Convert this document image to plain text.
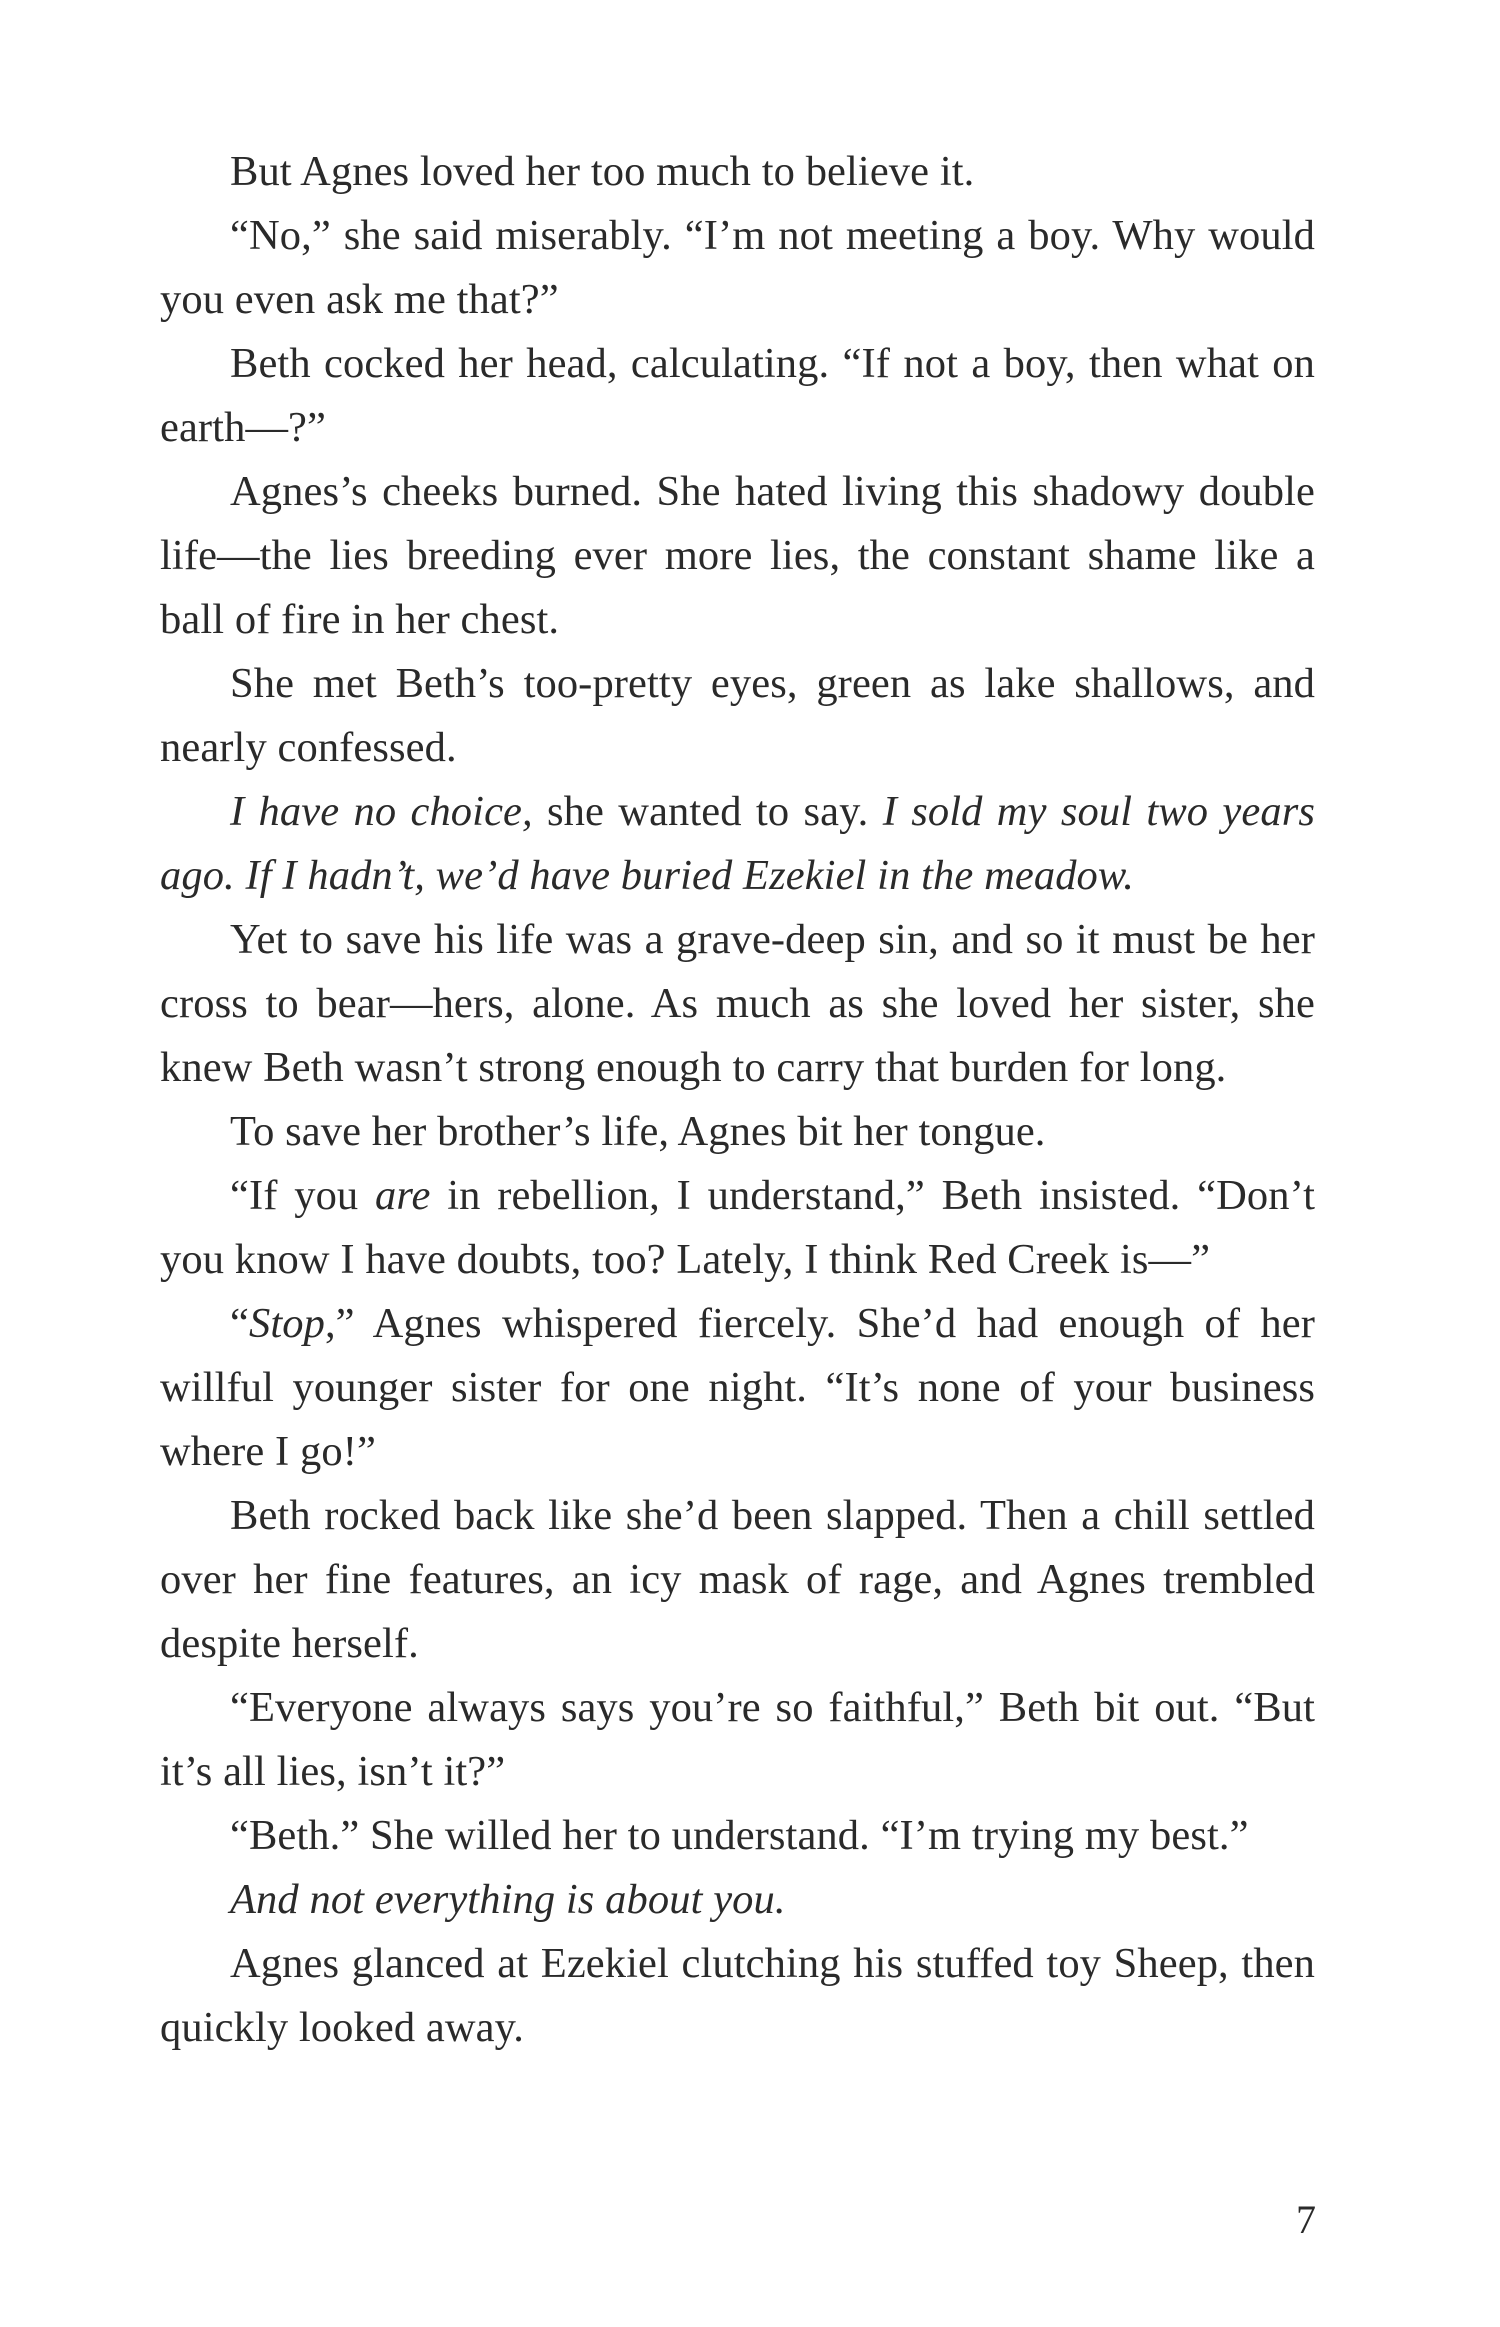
But Agnes loved her too much to believe it.

“No,” she said miserably. “I’m not meeting a boy. Why would you even ask me that?”

Beth cocked her head, calculating. “If not a boy, then what on earth—?”

Agnes’s cheeks burned. She hated living this shadowy double life—the lies breeding ever more lies, the constant shame like a ball of fire in her chest.

She met Beth’s too-pretty eyes, green as lake shallows, and nearly confessed.

I have no choice, she wanted to say. I sold my soul two years ago. If I hadn’t, we’d have buried Ezekiel in the meadow.

Yet to save his life was a grave-deep sin, and so it must be her cross to bear—hers, alone. As much as she loved her sister, she knew Beth wasn’t strong enough to carry that burden for long.

To save her brother’s life, Agnes bit her tongue.

“If you are in rebellion, I understand,” Beth insisted. “Don’t you know I have doubts, too? Lately, I think Red Creek is—”

“Stop,” Agnes whispered fiercely. She’d had enough of her willful younger sister for one night. “It’s none of your business where I go!”

Beth rocked back like she’d been slapped. Then a chill settled over her fine features, an icy mask of rage, and Agnes trembled despite herself.

“Everyone always says you’re so faithful,” Beth bit out. “But it’s all lies, isn’t it?”

“Beth.” She willed her to understand. “I’m trying my best.”

And not everything is about you.

Agnes glanced at Ezekiel clutching his stuffed toy Sheep, then quickly looked away.

7
